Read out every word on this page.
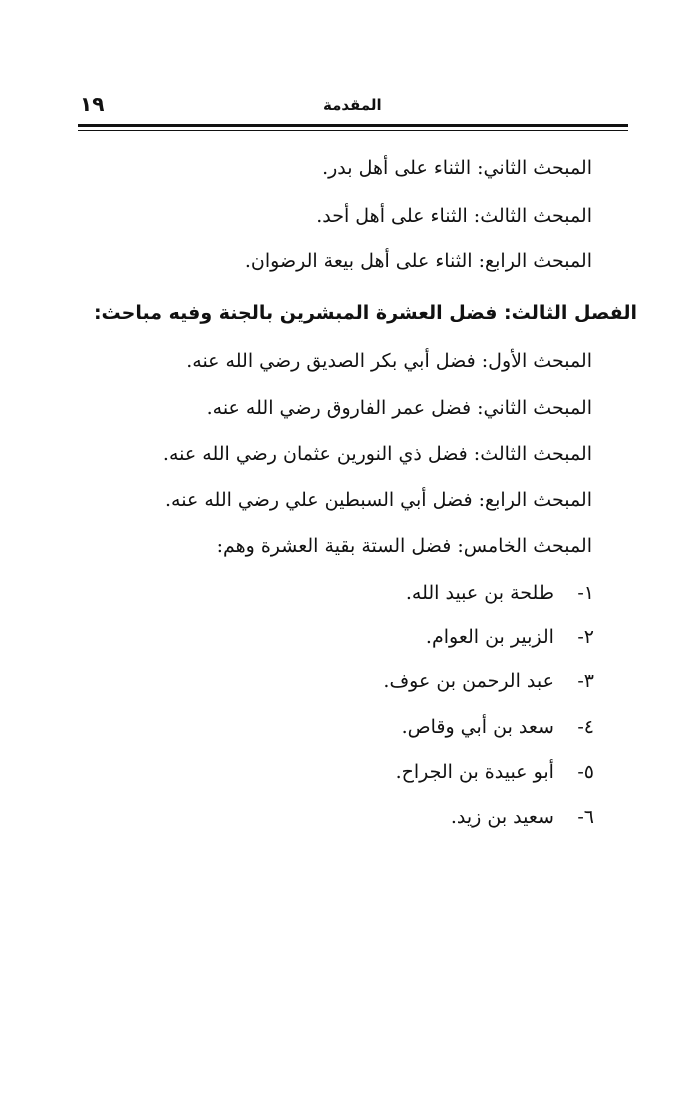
١٩	المقدمة
المبحث الثاني: الثناء على أهل بدر.
المبحث الثالث: الثناء على أهل أحد.
المبحث الرابع: الثناء على أهل بيعة الرضوان.
الفصل الثالث: فضل العشرة المبشرين بالجنة وفيه مباحث:
المبحث الأول: فضل أبي بكر الصديق رضي الله عنه.
المبحث الثاني: فضل عمر الفاروق رضي الله عنه.
المبحث الثالث: فضل ذي النورين عثمان رضي الله عنه.
المبحث الرابع: فضل أبي السبطين علي رضي الله عنه.
المبحث الخامس: فضل الستة بقية العشرة وهم:
١- طلحة بن عبيد الله.
٢- الزبير بن العوام.
٣- عبد الرحمن بن عوف.
٤- سعد بن أبي وقاص.
٥- أبو عبيدة بن الجراح.
٦- سعيد بن زيد.
